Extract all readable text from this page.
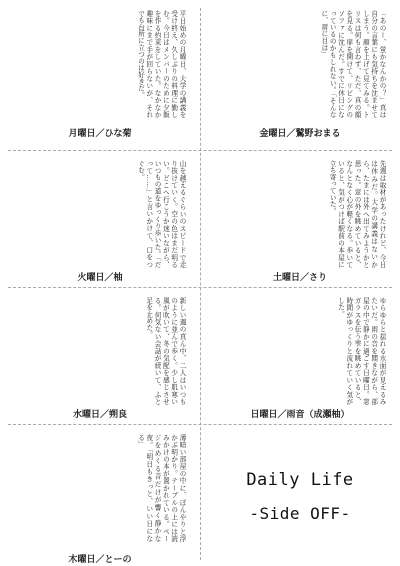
「あのー、蛍かなんかの？」真は自分の言葉にも気持ちを沈ませてしまう。顔を上げて見てみる。トリスは何も言わず、ただ、真の顔を見る。扉を開けて、リビングのソファに沈んだ。すでに休日になっているのかもしれない。「そんなに、眉に目は」
金曜日／鷲野おまる
平日始めの月曜日、大学の講義を受け終え、久しぶりの料理に勤しむ。今日はメンバーのために夕飯を作る約束をしていた。なかなか趣味にまで手が回らないが、それでも台所に立つのは好きだ。
月曜日／ひな菊
先週は取材があったけれど、今日は休みだ。大学の講義はないから、たまには外へ出てみようかと思った。窓の外を眺めていると、なんとなく心が軽くなる。歩いていると、気がつけば駅前の本屋に立ち寄っていた。
土曜日／さり
山を越えるぐらいのスピードで走り抜けていく。空の色はまだ明るい。どこへ行こうか迷いながら、いつもの道をゆっくり歩いた。「だって……」と言いかけて、口をつぐむ。
火曜日／柚
ゆらゆらと揺れる水面が見えるみたいだ。雨の音を聞きながら、部屋の中で静かに過ごす日曜日。窓ガラスを伝う雫を眺めていると、時間がゆっくりと流れていく気がした。
日曜日／雨音（成瀬柚）
新しい週の真ん中、二人はいつものように並んで歩く。少し肌寒い風が吹いて、冬の気配を感じさせる。何気ない会話が続いて、ふと足を止めた。
水曜日／朔良
薄暗い部屋の中に、ぽんやりと浮かぶ明かり。テーブルの上には読みかけの本が置かれている。ページをめくる音だけが響く静かな夜。「明日もきっと、いい日になる」
木曜日／とーの
Daily Life
-Side OFF-
